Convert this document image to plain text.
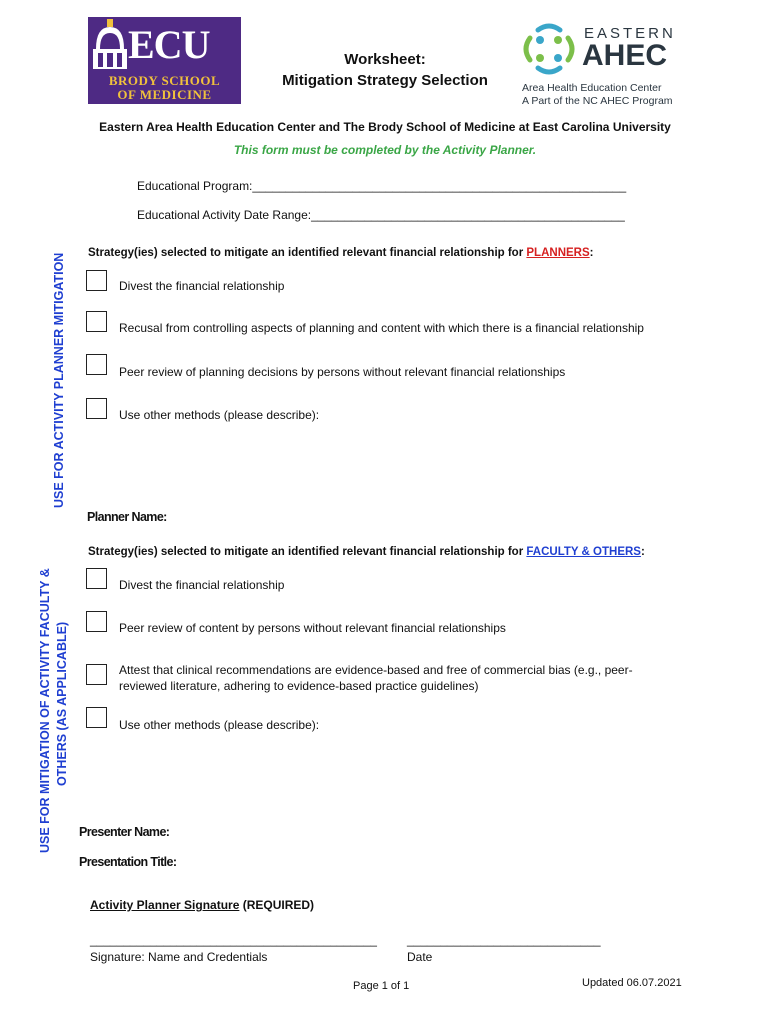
ECU
BRODY SCHOOL
OF MEDICINE
Worksheet:
Mitigation Strategy Selection
EASTERN
AHEC
Area Health Education Center
A Part of the NC AHEC Program
Eastern Area Health Education Center and The Brody School of Medicine at East Carolina University
This form must be completed by the Activity Planner.
Educational Program:________________________________________________________
Educational Activity Date Range:_______________________________________________
USE FOR ACTIVITY PLANNER MITIGATION Strategy(ies) selected to mitigate an identified relevant financial relationship for PLANNERS:
Divest the financial relationship
Recusal from controlling aspects of planning and content with which there is a financial relationship
Peer review of planning decisions by persons without relevant financial relationships
Use other methods (please describe):
Planner Name:
USE FOR MITIGATION OF ACTIVITY FACULTY & OTHERS (AS APPLICABLE)
Strategy(ies) selected to mitigate an identified relevant financial relationship for FACULTY & OTHERS:
Divest the financial relationship
Peer review of content by persons without relevant financial relationships
Attest that clinical recommendations are evidence-based and free of commercial bias (e.g., peer-reviewed literature, adhering to evidence-based practice guidelines)
Use other methods (please describe):
Presenter Name:
Presentation Title:
Activity Planner Signature (REQUIRED)
___________________________________________
Signature: Name and Credentials
_____________________________
Date
Page 1 of 1	Updated 06.07.2021
